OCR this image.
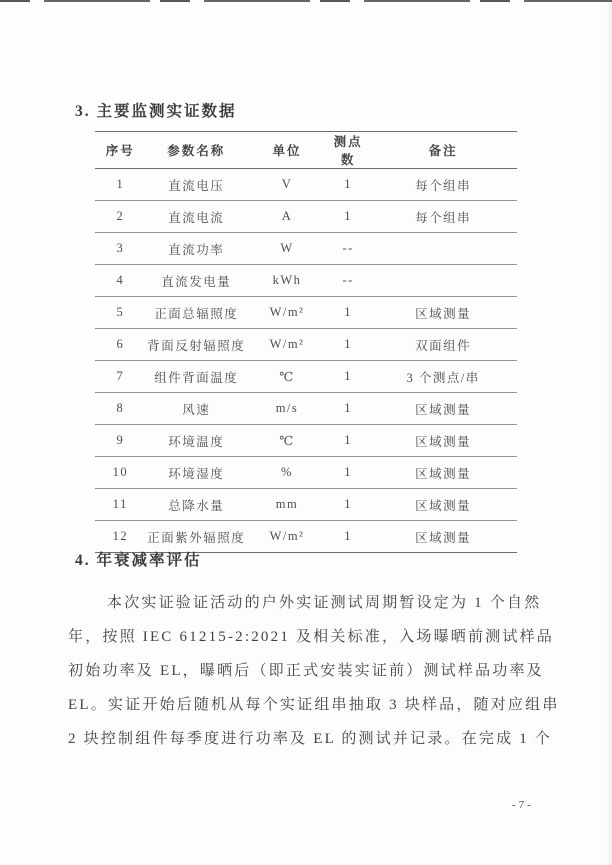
3. 主要监测实证数据
序号	参数名称	单位	测点数	备注
1	直流电压	V	1	每个组串
2	直流电流	A	1	每个组串
3	直流功率	W	--	
4	直流发电量	kWh	--	
5	正面总辐照度	W/m²	1	区域测量
6	背面反射辐照度	W/m²	1	双面组件
7	组件背面温度	℃	1	3 个测点/串
8	风速	m/s	1	区域测量
9	环境温度	℃	1	区域测量
10	环境湿度	%	1	区域测量
11	总降水量	mm	1	区域测量
12	正面紫外辐照度	W/m²	1	区域测量
4. 年衰减率评估
本次实证验证活动的户外实证测试周期暂设定为 1 个自然
年，按照 IEC 61215-2:2021 及相关标准，入场曝晒前测试样品
初始功率及 EL，曝晒后（即正式安装实证前）测试样品功率及
EL。实证开始后随机从每个实证组串抽取 3 块样品，随对应组串
2 块控制组件每季度进行功率及 EL 的测试并记录。在完成 1 个
-7-
